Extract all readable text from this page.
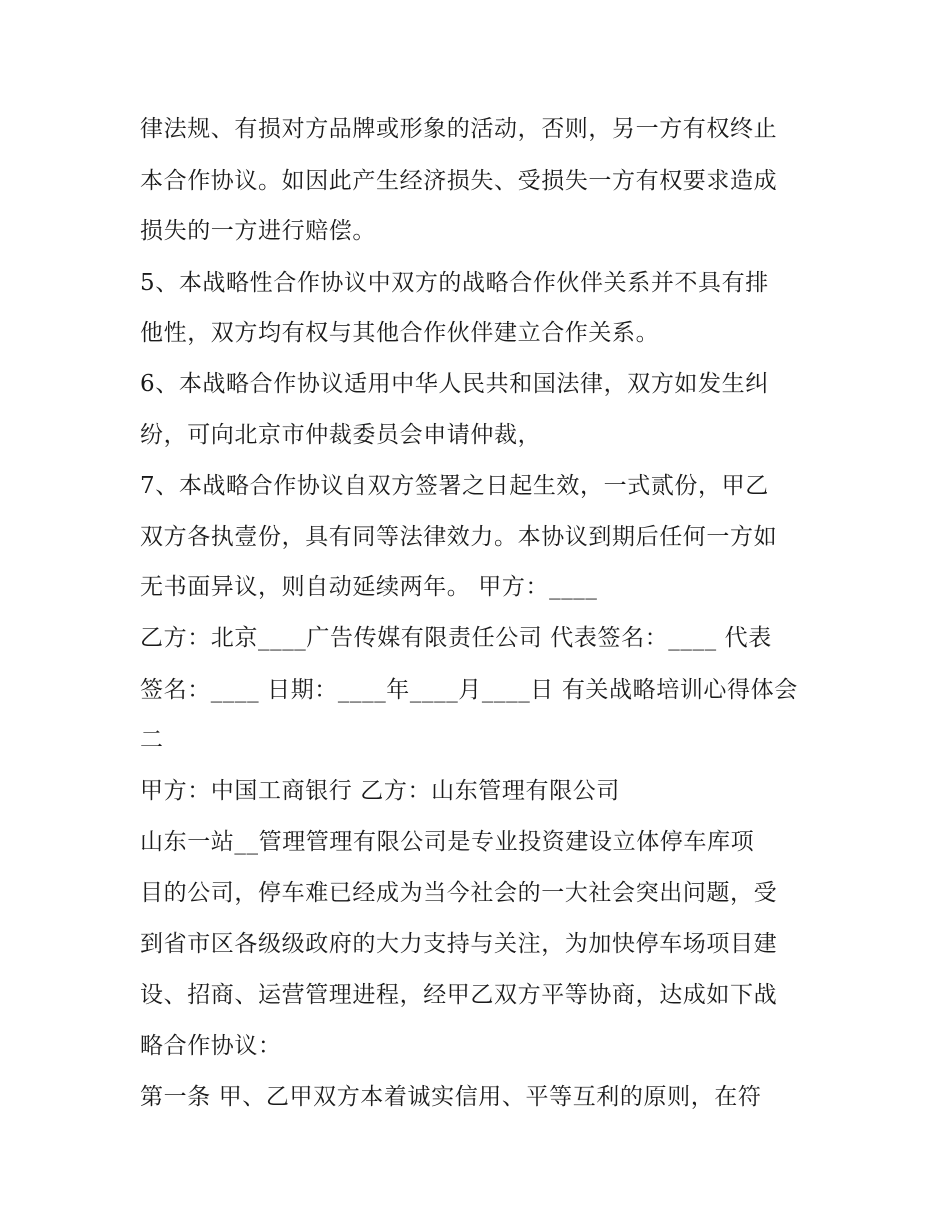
律法规、有损对方品牌或形象的活动，否则，另一方有权终止
本合作协议。如因此产生经济损失、受损失一方有权要求造成
损失的一方进行赔偿。
5、本战略性合作协议中双方的战略合作伙伴关系并不具有排
他性，双方均有权与其他合作伙伴建立合作关系。
6、本战略合作协议适用中华人民共和国法律，双方如发生纠
纷，可向北京市仲裁委员会申请仲裁，
7、本战略合作协议自双方签署之日起生效，一式贰份，甲乙
双方各执壹份，具有同等法律效力。本协议到期后任何一方如
无书面异议，则自动延续两年。 甲方：____
乙方：北京____广告传媒有限责任公司 代表签名：____ 代表
签名：____ 日期：____年____月____日 有关战略培训心得体会
二
甲方：中国工商银行 乙方：山东管理有限公司
山东一站__管理管理有限公司是专业投资建设立体停车库项
目的公司，停车难已经成为当今社会的一大社会突出问题，受
到省市区各级级政府的大力支持与关注，为加快停车场项目建
设、招商、运营管理进程，经甲乙双方平等协商，达成如下战
略合作协议：
第一条 甲、乙甲双方本着诚实信用、平等互利的原则，在符
